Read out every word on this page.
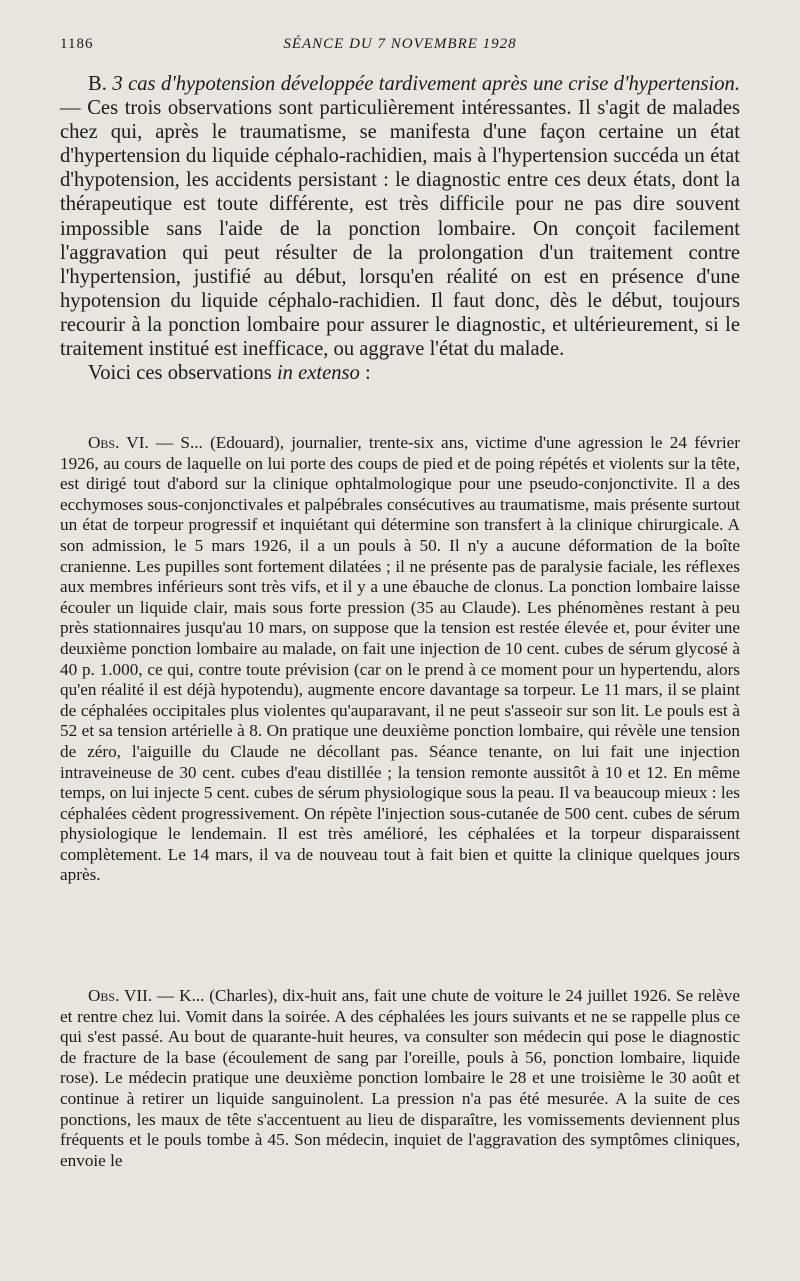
1186	SÉANCE DU 7 NOVEMBRE 1928

B. 3 cas d'hypotension développée tardivement après une crise d'hypertension. — Ces trois observations sont particulièrement intéressantes. Il s'agit de malades chez qui, après le traumatisme, se manifesta d'une façon certaine un état d'hypertension du liquide céphalo-rachidien, mais à l'hypertension succéda un état d'hypotension, les accidents persistant : le diagnostic entre ces deux états, dont la thérapeutique est toute différente, est très difficile pour ne pas dire souvent impossible sans l'aide de la ponction lombaire. On conçoit facilement l'aggravation qui peut résulter de la prolongation d'un traitement contre l'hypertension, justifié au début, lorsqu'en réalité on est en présence d'une hypotension du liquide céphalo-rachidien. Il faut donc, dès le début, toujours recourir à la ponction lombaire pour assurer le diagnostic, et ultérieurement, si le traitement institué est inefficace, ou aggrave l'état du malade.

Voici ces observations in extenso :

Obs. VI. — S... (Edouard), journalier, trente-six ans, victime d'une agression le 24 février 1926, au cours de laquelle on lui porte des coups de pied et de poing répétés et violents sur la tête, est dirigé tout d'abord sur la clinique ophtalmologique pour une pseudo-conjonctivite. Il a des ecchymoses sous-conjonctivales et palpébrales consécutives au traumatisme, mais présente surtout un état de torpeur progressif et inquiétant qui détermine son transfert à la clinique chirurgicale. A son admission, le 5 mars 1926, il a un pouls à 50. Il n'y a aucune déformation de la boîte cranienne. Les pupilles sont fortement dilatées ; il ne présente pas de paralysie faciale, les réflexes aux membres inférieurs sont très vifs, et il y a une ébauche de clonus. La ponction lombaire laisse écouler un liquide clair, mais sous forte pression (35 au Claude). Les phénomènes restant à peu près stationnaires jusqu'au 10 mars, on suppose que la tension est restée élevée et, pour éviter une deuxième ponction lombaire au malade, on fait une injection de 10 cent. cubes de sérum glycosé à 40 p. 1.000, ce qui, contre toute prévision (car on le prend à ce moment pour un hypertendu, alors qu'en réalité il est déjà hypotendu), augmente encore davantage sa torpeur. Le 11 mars, il se plaint de céphalées occipitales plus violentes qu'auparavant, il ne peut s'asseoir sur son lit. Le pouls est à 52 et sa tension artérielle à 8. On pratique une deuxième ponction lombaire, qui révèle une tension de zéro, l'aiguille du Claude ne décollant pas. Séance tenante, on lui fait une injection intraveineuse de 30 cent. cubes d'eau distillée ; la tension remonte aussitôt à 10 et 12. En même temps, on lui injecte 5 cent. cubes de sérum physiologique sous la peau. Il va beaucoup mieux : les céphalées cèdent progressivement. On répète l'injection sous-cutanée de 500 cent. cubes de sérum physiologique le lendemain. Il est très amélioré, les céphalées et la torpeur disparaissent complètement. Le 14 mars, il va de nouveau tout à fait bien et quitte la clinique quelques jours après.

Obs. VII. — K... (Charles), dix-huit ans, fait une chute de voiture le 24 juillet 1926. Se relève et rentre chez lui. Vomit dans la soirée. A des céphalées les jours suivants et ne se rappelle plus ce qui s'est passé. Au bout de quarante-huit heures, va consulter son médecin qui pose le diagnostic de fracture de la base (écoulement de sang par l'oreille, pouls à 56, ponction lombaire, liquide rose). Le médecin pratique une deuxième ponction lombaire le 28 et une troisième le 30 août et continue à retirer un liquide sanguinolent. La pression n'a pas été mesurée. A la suite de ces ponctions, les maux de tête s'accentuent au lieu de disparaître, les vomissements deviennent plus fréquents et le pouls tombe à 45. Son médecin, inquiet de l'aggravation des symptômes cliniques, envoie le
